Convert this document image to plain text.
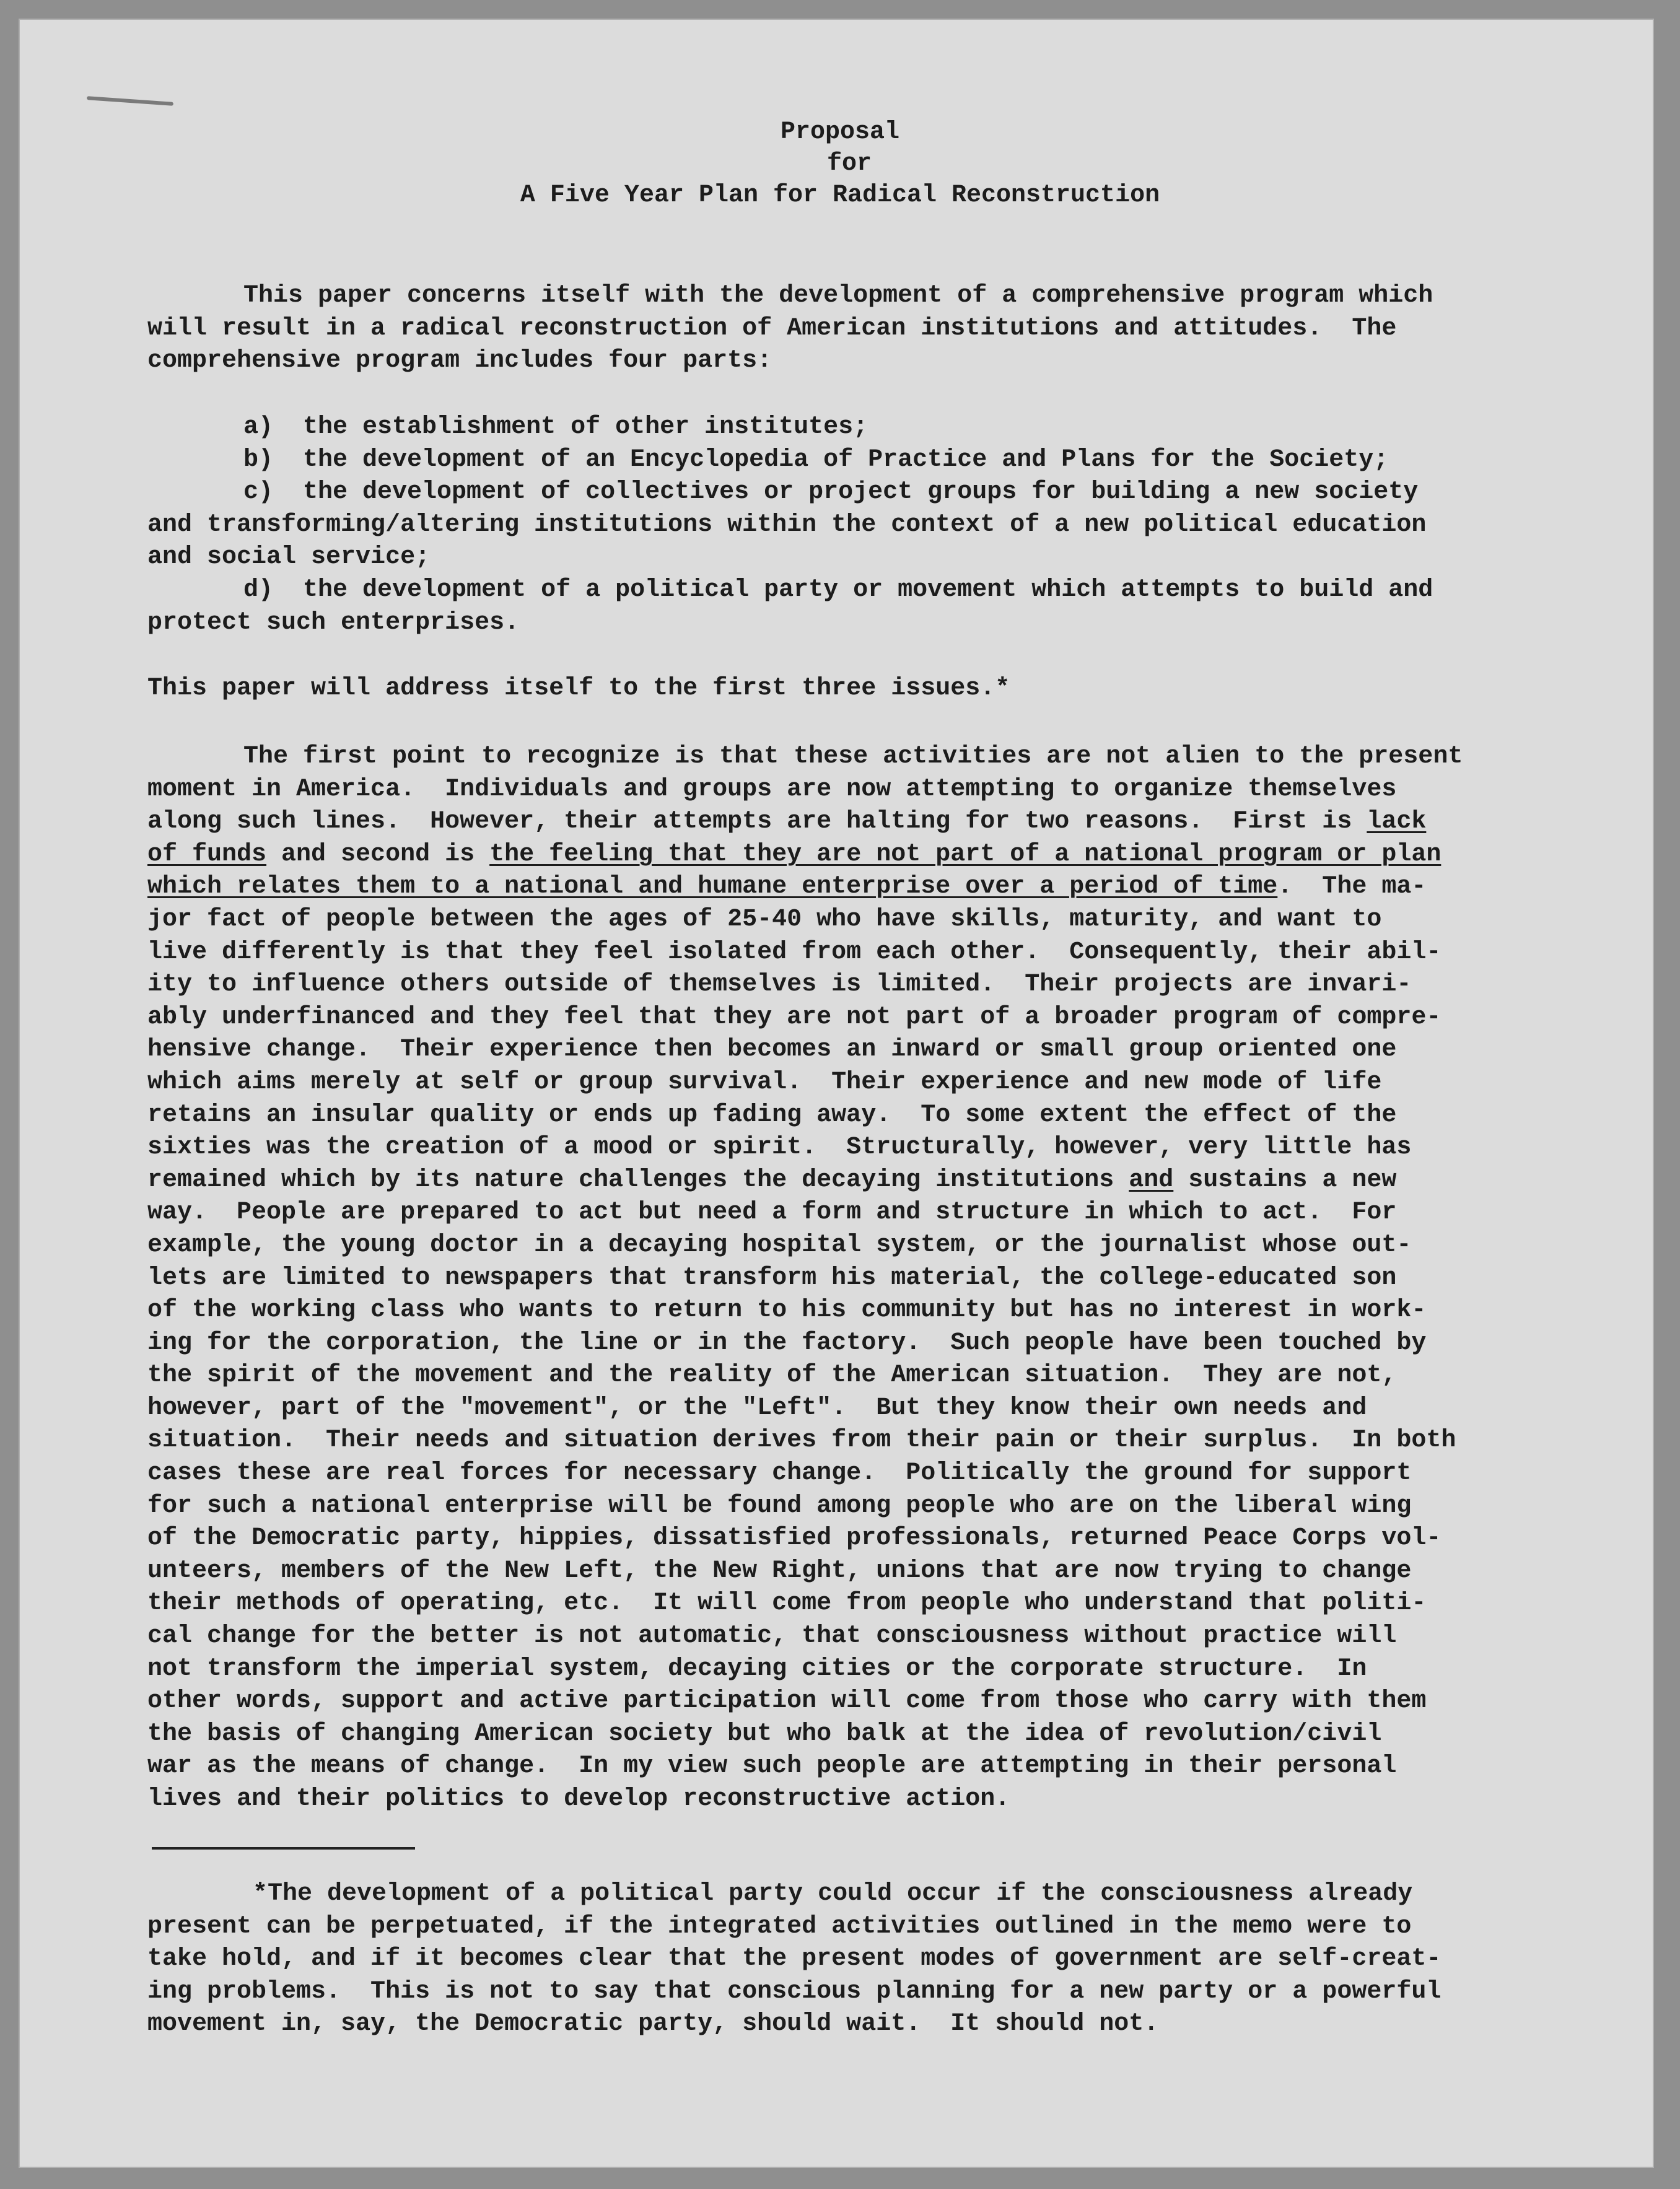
Proposal
for
A Five Year Plan for Radical Reconstruction
This paper concerns itself with the development of a comprehensive program which
will result in a radical reconstruction of American institutions and attitudes.  The
comprehensive program includes four parts:
a)  the establishment of other institutes;
b)  the development of an Encyclopedia of Practice and Plans for the Society;
c)  the development of collectives or project groups for building a new society
and transforming/altering institutions within the context of a new political education
and social service;
d)  the development of a political party or movement which attempts to build and
protect such enterprises.
This paper will address itself to the first three issues.*
The first point to recognize is that these activities are not alien to the present
moment in America.  Individuals and groups are now attempting to organize themselves
along such lines.  However, their attempts are halting for two reasons.  First is lack
of funds and second is the feeling that they are not part of a national program or plan
which relates them to a national and humane enterprise over a period of time.  The ma-
jor fact of people between the ages of 25-40 who have skills, maturity, and want to
live differently is that they feel isolated from each other.  Consequently, their abil-
ity to influence others outside of themselves is limited.  Their projects are invari-
ably underfinanced and they feel that they are not part of a broader program of compre-
hensive change.  Their experience then becomes an inward or small group oriented one
which aims merely at self or group survival.  Their experience and new mode of life
retains an insular quality or ends up fading away.  To some extent the effect of the
sixties was the creation of a mood or spirit.  Structurally, however, very little has
remained which by its nature challenges the decaying institutions and sustains a new
way.  People are prepared to act but need a form and structure in which to act.  For
example, the young doctor in a decaying hospital system, or the journalist whose out-
lets are limited to newspapers that transform his material, the college-educated son
of the working class who wants to return to his community but has no interest in work-
ing for the corporation, the line or in the factory.  Such people have been touched by
the spirit of the movement and the reality of the American situation.  They are not,
however, part of the "movement", or the "Left".  But they know their own needs and
situation.  Their needs and situation derives from their pain or their surplus.  In both
cases these are real forces for necessary change.  Politically the ground for support
for such a national enterprise will be found among people who are on the liberal wing
of the Democratic party, hippies, dissatisfied professionals, returned Peace Corps vol-
unteers, members of the New Left, the New Right, unions that are now trying to change
their methods of operating, etc.  It will come from people who understand that politi-
cal change for the better is not automatic, that consciousness without practice will
not transform the imperial system, decaying cities or the corporate structure.  In
other words, support and active participation will come from those who carry with them
the basis of changing American society but who balk at the idea of revolution/civil
war as the means of change.  In my view such people are attempting in their personal
lives and their politics to develop reconstructive action.
*The development of a political party could occur if the consciousness already
present can be perpetuated, if the integrated activities outlined in the memo were to
take hold, and if it becomes clear that the present modes of government are self-creat-
ing problems.  This is not to say that conscious planning for a new party or a powerful
movement in, say, the Democratic party, should wait.  It should not.
